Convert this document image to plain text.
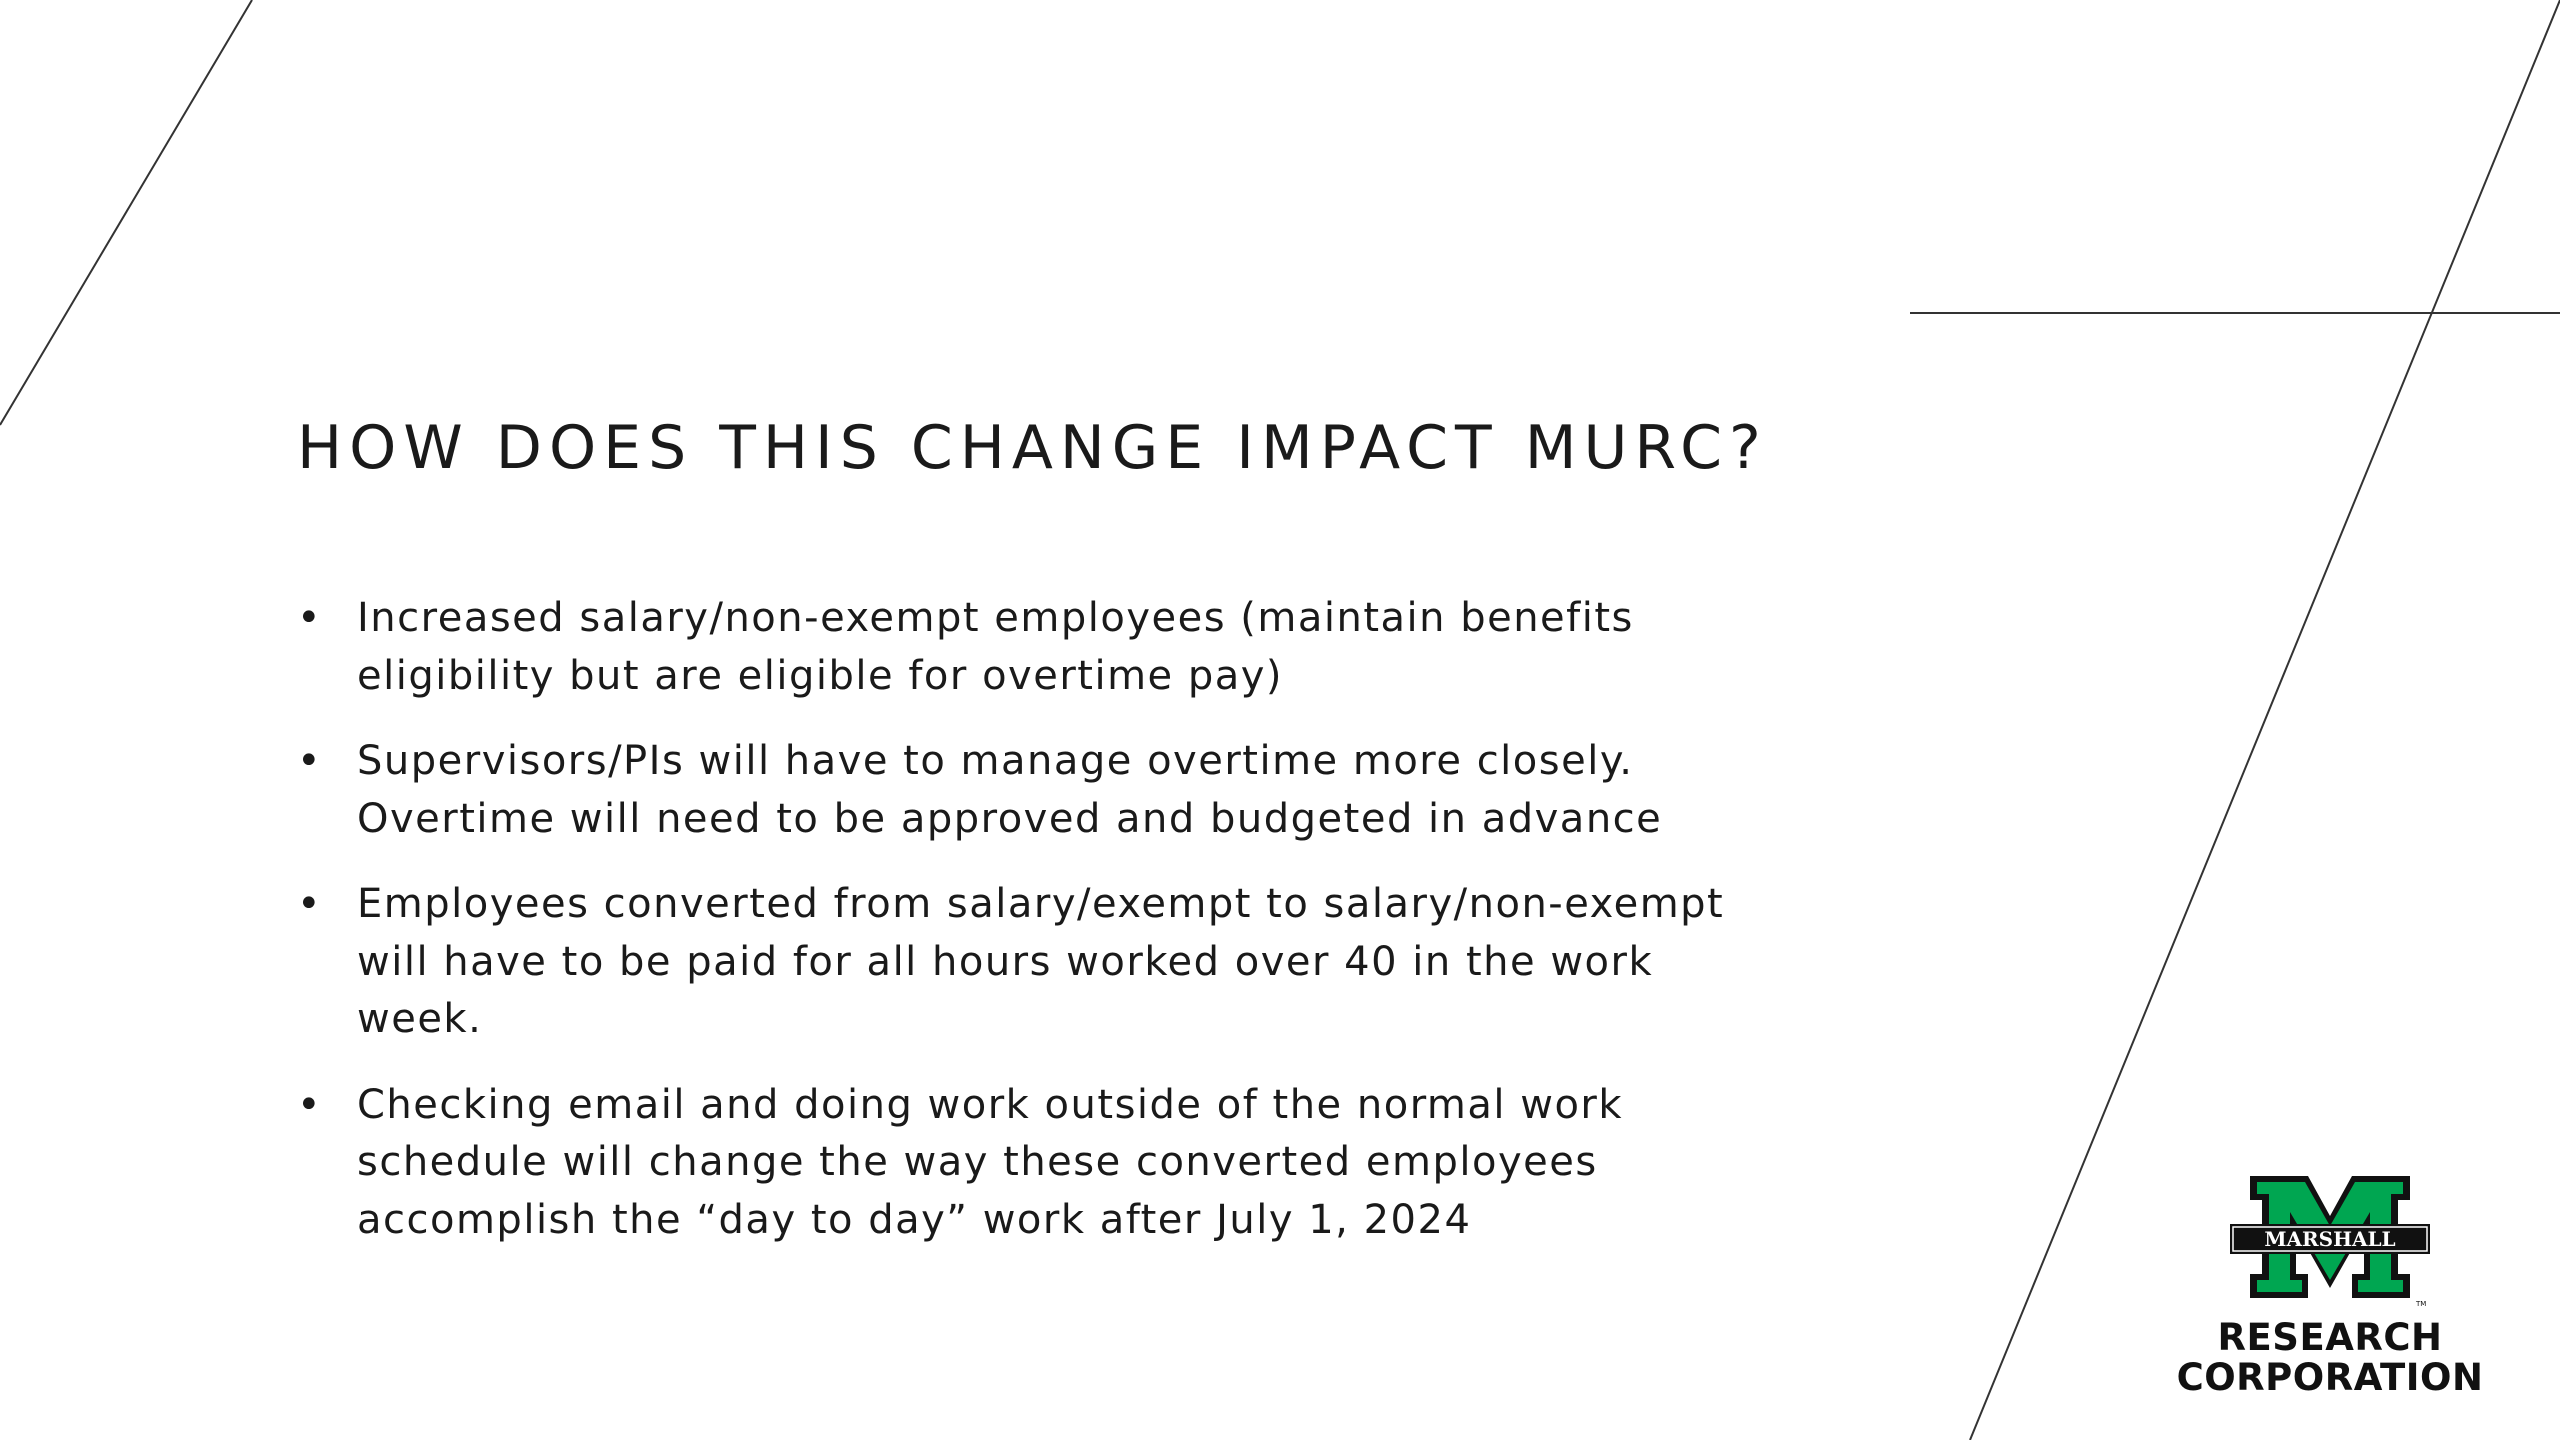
HOW DOES THIS CHANGE IMPACT MURC?
• Increased salary/non-exempt employees (maintain benefits
eligibility but are eligible for overtime pay)
• Supervisors/PIs will have to manage overtime more closely.
Overtime will need to be approved and budgeted in advance
• Employees converted from salary/exempt to salary/non-exempt
will have to be paid for all hours worked over 40 in the work
week.
• Checking email and doing work outside of the normal work
schedule will change the way these converted employees
accomplish the “day to day” work after July 1, 2024	MARSHALL
TM
RESEARCH
CORPORATION
